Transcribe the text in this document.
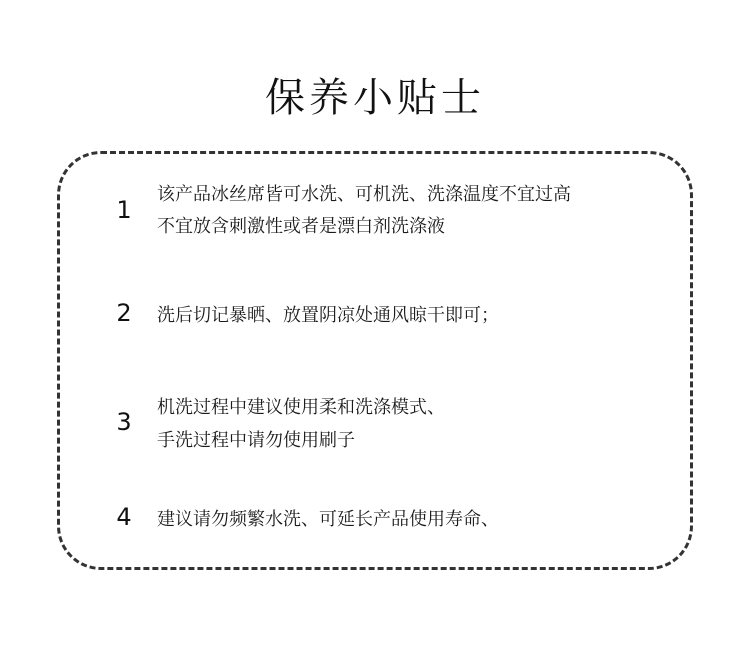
保养小贴士
1
该产品冰丝席皆可水洗、可机洗、洗涤温度不宜过高
不宜放含刺激性或者是漂白剂洗涤液
2 洗后切记暴晒、放置阴凉处通风晾干即可；
3
机洗过程中建议使用柔和洗涤模式、
手洗过程中请勿使用刷子
4 建议请勿频繁水洗、可延长产品使用寿命、
